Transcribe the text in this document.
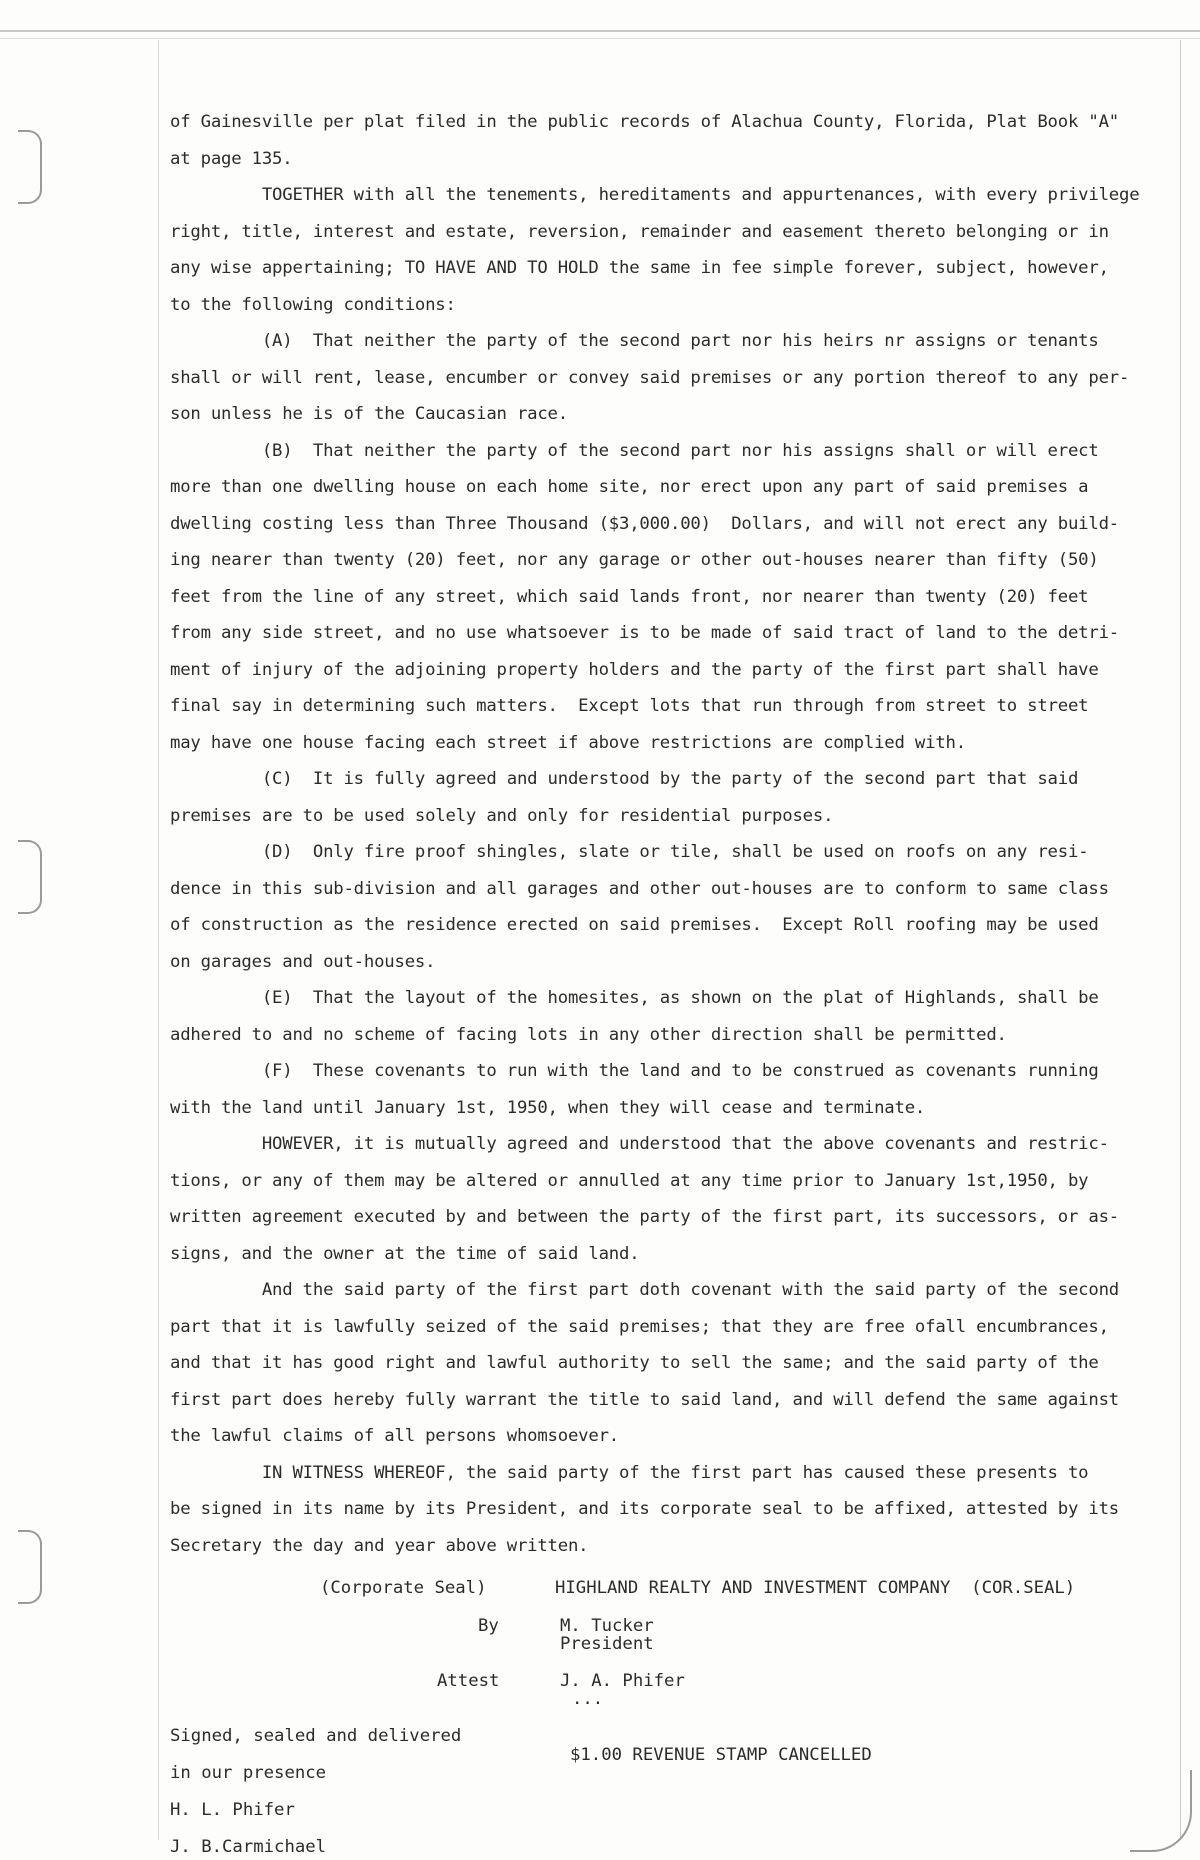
of Gainesville per plat filed in the public records of Alachua County, Florida, Plat Book "A"
at page 135.
TOGETHER with all the tenements, hereditaments and appurtenances, with every privilege
right, title, interest and estate, reversion, remainder and easement thereto belonging or in
any wise appertaining; TO HAVE AND TO HOLD the same in fee simple forever, subject, however,
to the following conditions:
(A)  That neither the party of the second part nor his heirs nr assigns or tenants
shall or will rent, lease, encumber or convey said premises or any portion thereof to any per-
son unless he is of the Caucasian race.
(B)  That neither the party of the second part nor his assigns shall or will erect
more than one dwelling house on each home site, nor erect upon any part of said premises a
dwelling costing less than Three Thousand ($3,000.00)  Dollars, and will not erect any build-
ing nearer than twenty (20) feet, nor any garage or other out-houses nearer than fifty (50)
feet from the line of any street, which said lands front, nor nearer than twenty (20) feet
from any side street, and no use whatsoever is to be made of said tract of land to the detri-
ment of injury of the adjoining property holders and the party of the first part shall have
final say in determining such matters.  Except lots that run through from street to street
may have one house facing each street if above restrictions are complied with.
(C)  It is fully agreed and understood by the party of the second part that said
premises are to be used solely and only for residential purposes.
(D)  Only fire proof shingles, slate or tile, shall be used on roofs on any resi-
dence in this sub-division and all garages and other out-houses are to conform to same class
of construction as the residence erected on said premises.  Except Roll roofing may be used
on garages and out-houses.
(E)  That the layout of the homesites, as shown on the plat of Highlands, shall be
adhered to and no scheme of facing lots in any other direction shall be permitted.
(F)  These covenants to run with the land and to be construed as covenants running
with the land until January 1st, 1950, when they will cease and terminate.
HOWEVER, it is mutually agreed and understood that the above covenants and restric-
tions, or any of them may be altered or annulled at any time prior to January 1st,1950, by
written agreement executed by and between the party of the first part, its successors, or as-
signs, and the owner at the time of said land.
And the said party of the first part doth covenant with the said party of the second
part that it is lawfully seized of the said premises; that they are free ofall encumbrances,
and that it has good right and lawful authority to sell the same; and the said party of the
first part does hereby fully warrant the title to said land, and will defend the same against
the lawful claims of all persons whomsoever.
IN WITNESS WHEREOF, the said party of the first part has caused these presents to
be signed in its name by its President, and its corporate seal to be affixed, attested by its
Secretary the day and year above written.
(Corporate Seal)	HIGHLAND REALTY AND INVESTMENT COMPANY  (COR.SEAL)
By	M. Tucker
President
Attest	J. A. Phifer
...
Signed, sealed and delivered
$1.00 REVENUE STAMP CANCELLED
in our presence
H. L. Phifer
J. B.Carmichael
